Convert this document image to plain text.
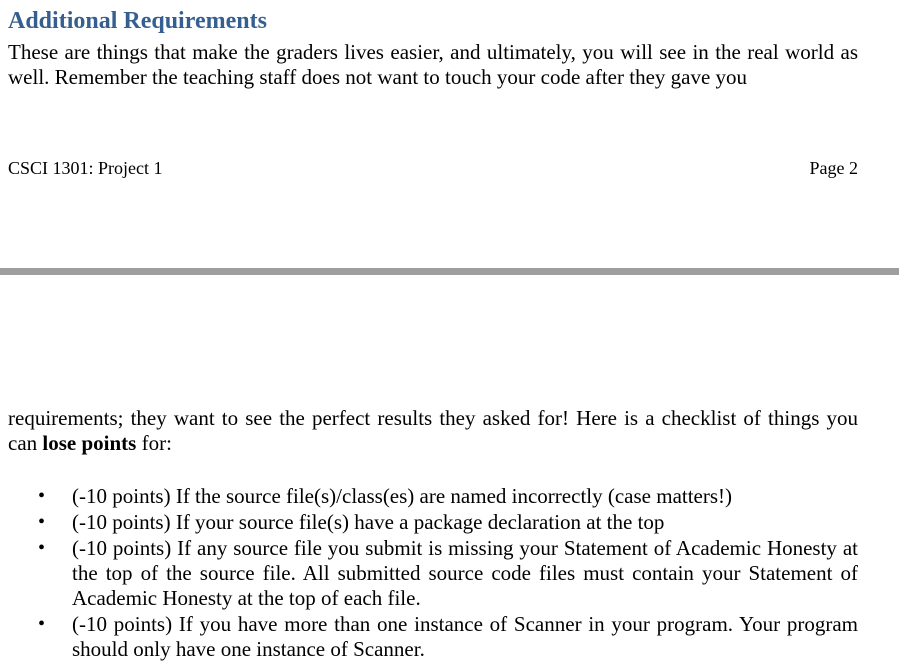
Additional Requirements

These are things that make the graders lives easier, and ultimately, you will see in the real world as well. Remember the teaching staff does not want to touch your code after they gave you

CSCI 1301: Project 1	Page 2

requirements; they want to see the perfect results they asked for! Here is a checklist of things you can lose points for:

• (-10 points) If the source file(s)/class(es) are named incorrectly (case matters!)
• (-10 points) If your source file(s) have a package declaration at the top
• (-10 points) If any source file you submit is missing your Statement of Academic Honesty at the top of the source file. All submitted source code files must contain your Statement of Academic Honesty at the top of each file.
• (-10 points) If you have more than one instance of Scanner in your program. Your program should only have one instance of Scanner.
